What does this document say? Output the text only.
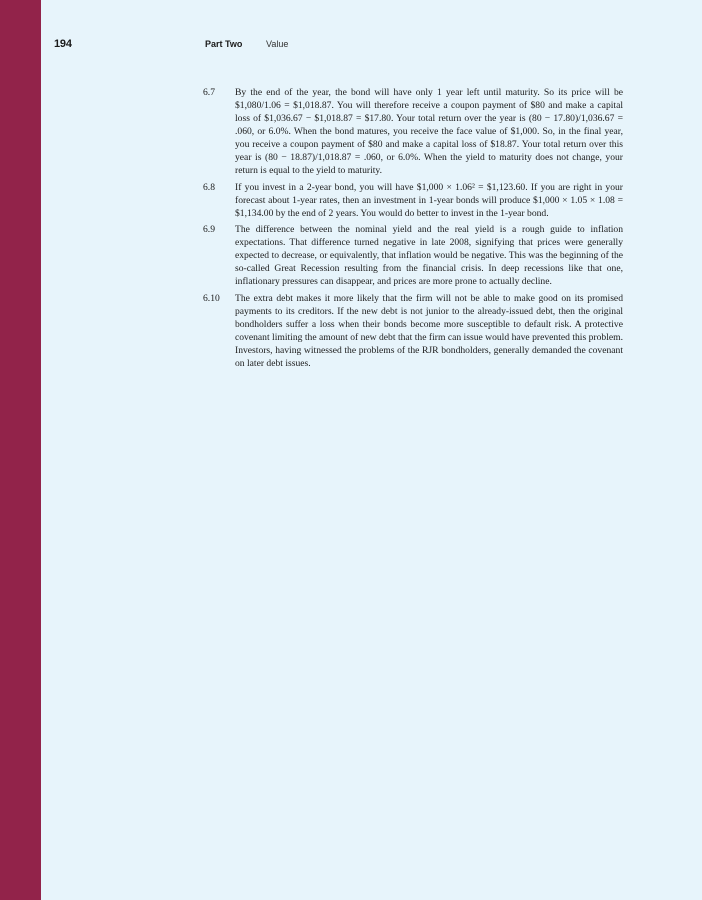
194	Part Two	Value
6.7	By the end of the year, the bond will have only 1 year left until maturity. So its price will be $1,080/1.06 = $1,018.87. You will therefore receive a coupon payment of $80 and make a capital loss of $1,036.67 − $1,018.87 = $17.80. Your total return over the year is (80 − 17.80)/1,036.67 = .060, or 6.0%. When the bond matures, you receive the face value of $1,000. So, in the final year, you receive a coupon payment of $80 and make a capital loss of $18.87. Your total return over this year is (80 − 18.87)/1,018.87 = .060, or 6.0%. When the yield to maturity does not change, your return is equal to the yield to maturity.
6.8	If you invest in a 2-year bond, you will have $1,000 × 1.06² = $1,123.60. If you are right in your forecast about 1-year rates, then an investment in 1-year bonds will produce $1,000 × 1.05 × 1.08 = $1,134.00 by the end of 2 years. You would do better to invest in the 1-year bond.
6.9	The difference between the nominal yield and the real yield is a rough guide to inflation expectations. That difference turned negative in late 2008, signifying that prices were generally expected to decrease, or equivalently, that inflation would be negative. This was the beginning of the so-called Great Recession resulting from the financial crisis. In deep recessions like that one, inflationary pressures can disappear, and prices are more prone to actually decline.
6.10	The extra debt makes it more likely that the firm will not be able to make good on its promised payments to its creditors. If the new debt is not junior to the already-issued debt, then the original bondholders suffer a loss when their bonds become more susceptible to default risk. A protective covenant limiting the amount of new debt that the firm can issue would have prevented this problem. Investors, having witnessed the problems of the RJR bondholders, generally demanded the covenant on later debt issues.
